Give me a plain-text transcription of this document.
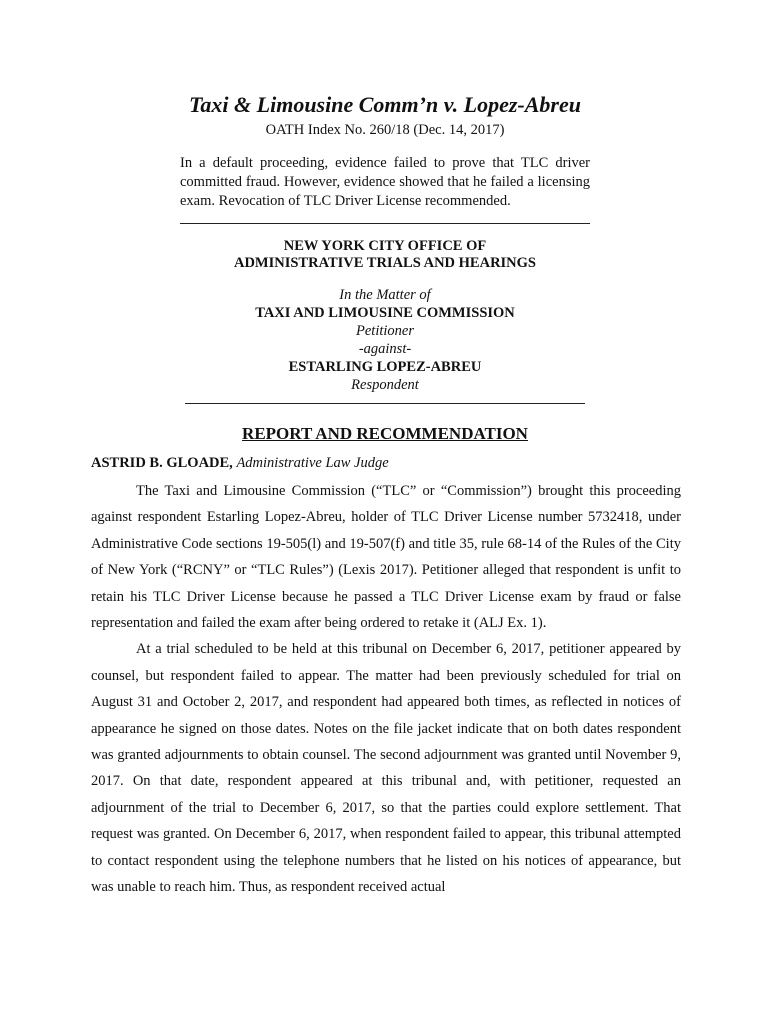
Taxi & Limousine Comm’n v. Lopez-Abreu
OATH Index No. 260/18 (Dec. 14, 2017)

In a default proceeding, evidence failed to prove that TLC driver committed fraud. However, evidence showed that he failed a licensing exam. Revocation of TLC Driver License recommended.

NEW YORK CITY OFFICE OF
ADMINISTRATIVE TRIALS AND HEARINGS
In the Matter of
TAXI AND LIMOUSINE COMMISSION
Petitioner
-against-
ESTARLING LOPEZ-ABREU
Respondent
REPORT AND RECOMMENDATION
ASTRID B. GLOADE, Administrative Law Judge

The Taxi and Limousine Commission (“TLC” or “Commission”) brought this proceeding against respondent Estarling Lopez-Abreu, holder of TLC Driver License number 5732418, under Administrative Code sections 19-505(l) and 19-507(f) and title 35, rule 68-14 of the Rules of the City of New York (“RCNY” or “TLC Rules”) (Lexis 2017). Petitioner alleged that respondent is unfit to retain his TLC Driver License because he passed a TLC Driver License exam by fraud or false representation and failed the exam after being ordered to retake it (ALJ Ex. 1).

At a trial scheduled to be held at this tribunal on December 6, 2017, petitioner appeared by counsel, but respondent failed to appear. The matter had been previously scheduled for trial on August 31 and October 2, 2017, and respondent had appeared both times, as reflected in notices of appearance he signed on those dates. Notes on the file jacket indicate that on both dates respondent was granted adjournments to obtain counsel. The second adjournment was granted until November 9, 2017. On that date, respondent appeared at this tribunal and, with petitioner, requested an adjournment of the trial to December 6, 2017, so that the parties could explore settlement. That request was granted. On December 6, 2017, when respondent failed to appear, this tribunal attempted to contact respondent using the telephone numbers that he listed on his notices of appearance, but was unable to reach him. Thus, as respondent received actual
